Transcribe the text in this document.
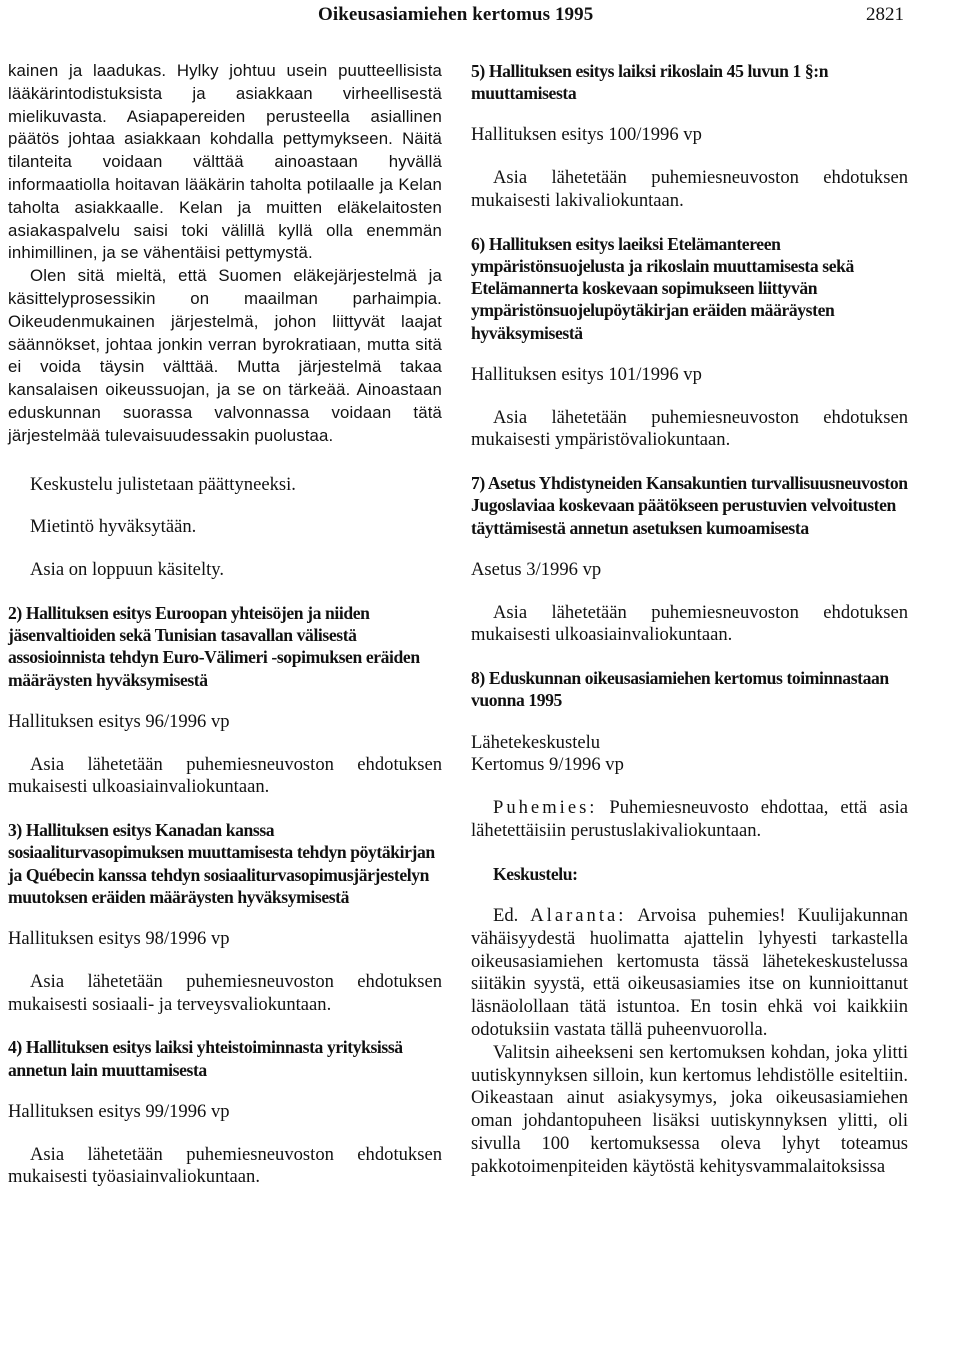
Oikeusasiamiehen kertomus 1995	2821

kainen ja laadukas. Hylky johtuu usein puutteellisista lääkärintodistuksista ja asiakkaan virheellisestä mielikuvasta. Asiapapereiden perusteella asiallinen päätös johtaa asiakkaan kohdalla pettymykseen. Näitä tilanteita voidaan välttää ainoastaan hyvällä informaatiolla hoitavan lääkärin taholta potilaalle ja Kelan taholta asiakkaalle. Kelan ja muitten eläkelaitosten asiakaspalvelu saisi toki välillä kyllä olla enemmän inhimillinen, ja se vähentäisi pettymystä.

Olen sitä mieltä, että Suomen eläkejärjestelmä ja käsittelyprosessikin on maailman parhaimpia. Oikeudenmukainen järjestelmä, johon liittyvät laajat säännökset, johtaa jonkin verran byrokratiaan, mutta sitä ei voida täysin välttää. Mutta järjestelmä takaa kansalaisen oikeussuojan, ja se on tärkeää. Ainoastaan eduskunnan suorassa valvonnassa voidaan tätä järjestelmää tulevaisuudessakin puolustaa.

Keskustelu julistetaan päättyneeksi.

Mietintö hyväksytään.

Asia on loppuun käsitelty.

2) Hallituksen esitys Euroopan yhteisöjen ja niiden jäsenvaltioiden sekä Tunisian tasavallan välisestä assosioinnista tehdyn Euro-Välimeri -sopimuksen eräiden määräysten hyväksymisestä

Hallituksen esitys 96/1996 vp

Asia lähetetään puhemiesneuvoston ehdotuksen mukaisesti ulkoasiainvaliokuntaan.

3) Hallituksen esitys Kanadan kanssa sosiaaliturvasopimuksen muuttamisesta tehdyn pöytäkirjan ja Québecin kanssa tehdyn sosiaaliturvasopimusjärjestelyn muutoksen eräiden määräysten hyväksymisestä

Hallituksen esitys 98/1996 vp

Asia lähetetään puhemiesneuvoston ehdotuksen mukaisesti sosiaali- ja terveysvaliokuntaan.

4) Hallituksen esitys laiksi yhteistoiminnasta yrityksissä annetun lain muuttamisesta

Hallituksen esitys 99/1996 vp

Asia lähetetään puhemiesneuvoston ehdotuksen mukaisesti työasiainvaliokuntaan.

5) Hallituksen esitys laiksi rikoslain 45 luvun 1 §:n muuttamisesta

Hallituksen esitys 100/1996 vp

Asia lähetetään puhemiesneuvoston ehdotuksen mukaisesti lakivaliokuntaan.

6) Hallituksen esitys laeiksi Etelämantereen ympäristönsuojelusta ja rikoslain muuttamisesta sekä Etelämannerta koskevaan sopimukseen liittyvän ympäristönsuojelupöytäkirjan eräiden määräysten hyväksymisestä

Hallituksen esitys 101/1996 vp

Asia lähetetään puhemiesneuvoston ehdotuksen mukaisesti ympäristövaliokuntaan.

7) Asetus Yhdistyneiden Kansakuntien turvallisuusneuvoston Jugoslaviaa koskevaan päätökseen perustuvien velvoitusten täyttämisestä annetun asetuksen kumoamisesta

Asetus 3/1996 vp

Asia lähetetään puhemiesneuvoston ehdotuksen mukaisesti ulkoasiainvaliokuntaan.

8) Eduskunnan oikeusasiamiehen kertomus toiminnastaan vuonna 1995

Lähetekeskustelu

Kertomus 9/1996 vp

Puhemies: Puhemiesneuvosto ehdottaa, että asia lähetettäisiin perustuslakivaliokuntaan.

Keskustelu:

Ed. Alaranta: Arvoisa puhemies! Kuulijakunnan vähäisyydestä huolimatta ajattelin lyhyesti tarkastella oikeusasiamiehen kertomusta tässä lähetekeskustelussa siitäkin syystä, että oikeusasiamies itse on kunnioittanut läsnäolollaan tätä istuntoa. En tosin ehkä voi kaikkiin odotuksiin vastata tällä puheenvuorolla.

Valitsin aiheekseni sen kertomuksen kohdan, joka ylitti uutiskynnyksen silloin, kun kertomus lehdistölle esiteltiin. Oikeastaan ainut asiakysymys, joka oikeusasiamiehen oman johdantopuheen lisäksi uutiskynnyksen ylitti, oli sivulla 100 kertomuksessa oleva lyhyt toteamus pakkotoimenpiteiden käytöstä kehitysvammalaitoksissa
